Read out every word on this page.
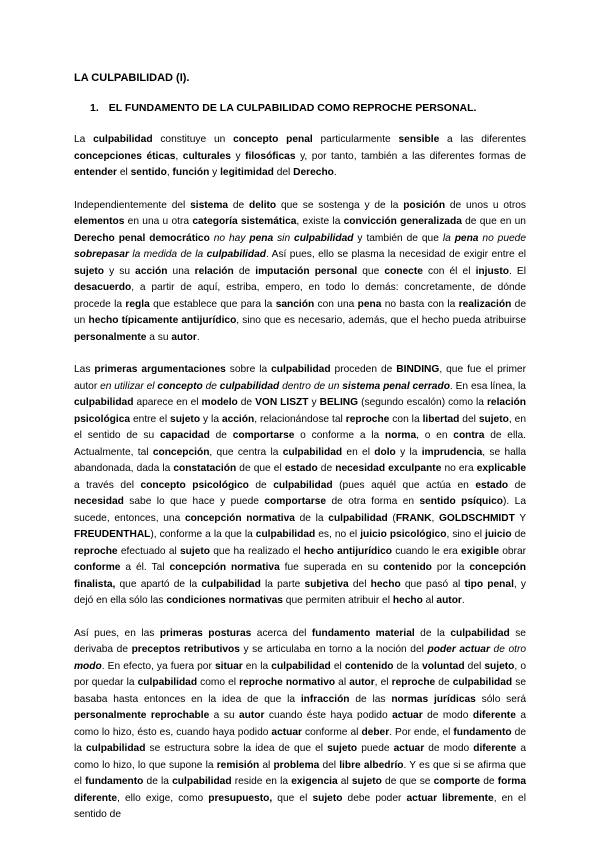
LA CULPABILIDAD (I).
1. EL FUNDAMENTO DE LA CULPABILIDAD COMO REPROCHE PERSONAL.
La culpabilidad constituye un concepto penal particularmente sensible a las diferentes concepciones éticas, culturales y filosóficas y, por tanto, también a las diferentes formas de entender el sentido, función y legitimidad del Derecho.
Independientemente del sistema de delito que se sostenga y de la posición de unos u otros elementos en una u otra categoría sistemática, existe la convicción generalizada de que en un Derecho penal democrático no hay pena sin culpabilidad y también de que la pena no puede sobrepasar la medida de la culpabilidad. Así pues, ello se plasma la necesidad de exigir entre el sujeto y su acción una relación de imputación personal que conecte con él el injusto. El desacuerdo, a partir de aquí, estriba, empero, en todo lo demás: concretamente, de dónde procede la regla que establece que para la sanción con una pena no basta con la realización de un hecho típicamente antijurídico, sino que es necesario, además, que el hecho pueda atribuirse personalmente a su autor.
Las primeras argumentaciones sobre la culpabilidad proceden de BINDING, que fue el primer autor en utilizar el concepto de culpabilidad dentro de un sistema penal cerrado. En esa línea, la culpabilidad aparece en el modelo de VON LISZT y BELING (segundo escalón) como la relación psicológica entre el sujeto y la acción, relacionándose tal reproche con la libertad del sujeto, en el sentido de su capacidad de comportarse o conforme a la norma, o en contra de ella. Actualmente, tal concepción, que centra la culpabilidad en el dolo y la imprudencia, se halla abandonada, dada la constatación de que el estado de necesidad exculpante no era explicable a través del concepto psicológico de culpabilidad (pues aquél que actúa en estado de necesidad sabe lo que hace y puede comportarse de otra forma en sentido psíquico). La sucede, entonces, una concepción normativa de la culpabilidad (FRANK, GOLDSCHMIDT Y FREUDENTHAL), conforme a la que la culpabilidad es, no el juicio psicológico, sino el juicio de reproche efectuado al sujeto que ha realizado el hecho antijurídico cuando le era exigible obrar conforme a él. Tal concepción normativa fue superada en su contenido por la concepción finalista, que apartó de la culpabilidad la parte subjetiva del hecho que pasó al tipo penal, y dejó en ella sólo las condiciones normativas que permiten atribuir el hecho al autor.
Así pues, en las primeras posturas acerca del fundamento material de la culpabilidad se derivaba de preceptos retributivos y se articulaba en torno a la noción del poder actuar de otro modo. En efecto, ya fuera por situar en la culpabilidad el contenido de la voluntad del sujeto, o por quedar la culpabilidad como el reproche normativo al autor, el reproche de culpabilidad se basaba hasta entonces en la idea de que la infracción de las normas jurídicas sólo será personalmente reprochable a su autor cuando éste haya podido actuar de modo diferente a como lo hizo, ésto es, cuando haya podido actuar conforme al deber. Por ende, el fundamento de la culpabilidad se estructura sobre la idea de que el sujeto puede actuar de modo diferente a como lo hizo, lo que supone la remisión al problema del libre albedrío. Y es que si se afirma que el fundamento de la culpabilidad reside en la exigencia al sujeto de que se comporte de forma diferente, ello exige, como presupuesto, que el sujeto debe poder actuar libremente, en el sentido de
